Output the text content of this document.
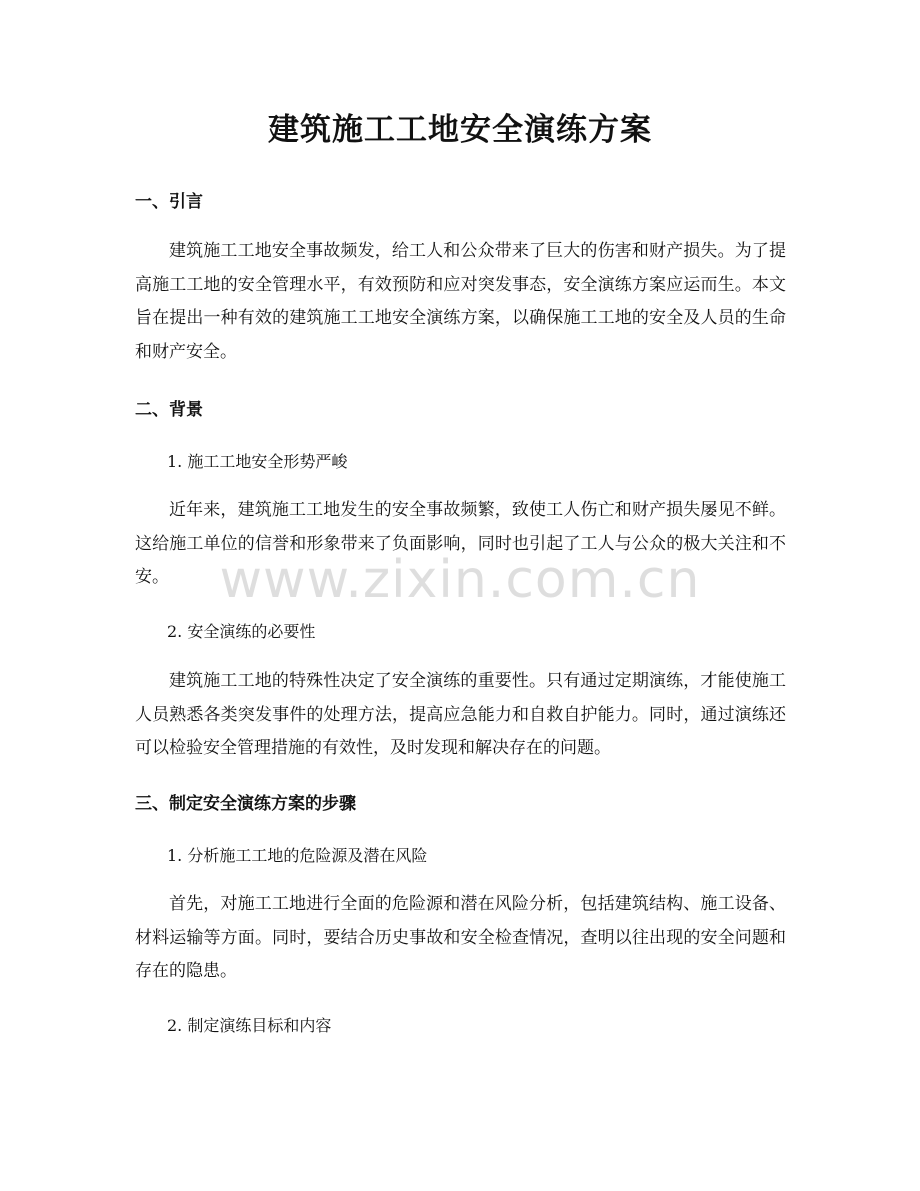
建筑施工工地安全演练方案
一、引言
建筑施工工地安全事故频发，给工人和公众带来了巨大的伤害和财产损失。为了提高施工工地的安全管理水平，有效预防和应对突发事态，安全演练方案应运而生。本文旨在提出一种有效的建筑施工工地安全演练方案，以确保施工工地的安全及人员的生命和财产安全。
二、背景
1. 施工工地安全形势严峻
近年来，建筑施工工地发生的安全事故频繁，致使工人伤亡和财产损失屡见不鲜。这给施工单位的信誉和形象带来了负面影响，同时也引起了工人与公众的极大关注和不安。
2. 安全演练的必要性
建筑施工工地的特殊性决定了安全演练的重要性。只有通过定期演练，才能使施工人员熟悉各类突发事件的处理方法，提高应急能力和自救自护能力。同时，通过演练还可以检验安全管理措施的有效性，及时发现和解决存在的问题。
三、制定安全演练方案的步骤
1. 分析施工工地的危险源及潜在风险
首先，对施工工地进行全面的危险源和潜在风险分析，包括建筑结构、施工设备、材料运输等方面。同时，要结合历史事故和安全检查情况，查明以往出现的安全问题和存在的隐患。
2. 制定演练目标和内容
www.zixin.com.cn
